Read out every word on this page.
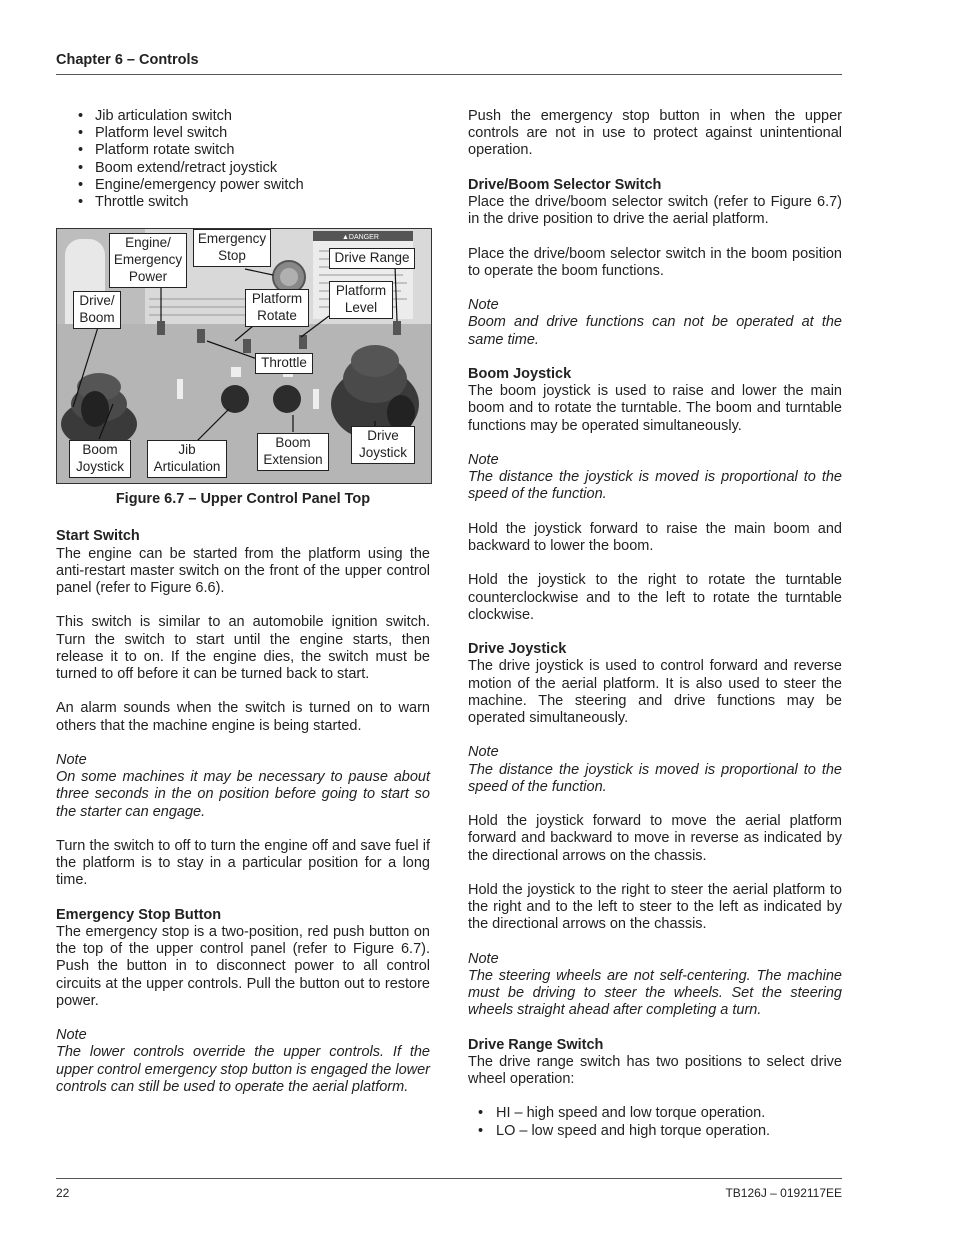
Chapter 6 – Controls
• Jib articulation switch
• Platform level switch
• Platform rotate switch
• Boom extend/retract joystick
• Engine/emergency power switch
• Throttle switch
▲DANGER
Engine/ Emergency Power
Emergency Stop	Drive Range
Drive/ Boom
Platform Rotate
Platform Level
Throttle
Boom Joystick
Jib Articulation
Boom Extension
Drive Joystick
Figure 6.7 – Upper Control Panel Top
Start Switch

The engine can be started from the platform using the anti-restart master switch on the front of the upper control panel (refer to Figure 6.6).

This switch is similar to an automobile ignition switch. Turn the switch to start until the engine starts, then release it to on. If the engine dies, the switch must be turned to off before it can be turned back to start.

An alarm sounds when the switch is turned on to warn others that the machine engine is being started.

Note

On some machines it may be necessary to pause about three seconds in the on position before going to start so the starter can engage.

Turn the switch to off to turn the engine off and save fuel if the platform is to stay in a particular position for a long time.

Emergency Stop Button

The emergency stop is a two-position, red push button on the top of the upper control panel (refer to Figure 6.7). Push the button in to disconnect power to all control circuits at the upper controls. Pull the button out to restore power.

Note

The lower controls override the upper controls. If the upper control emergency stop button is engaged the lower controls can still be used to operate the aerial platform.

Push the emergency stop button in when the upper controls are not in use to protect against unintentional operation.

Drive/Boom Selector Switch

Place the drive/boom selector switch (refer to Figure 6.7) in the drive position to drive the aerial platform.

Place the drive/boom selector switch in the boom position to operate the boom functions.

Note

Boom and drive functions can not be operated at the same time.

Boom Joystick

The boom joystick is used to raise and lower the main boom and to rotate the turntable. The boom and turntable functions may be operated simultaneously.

Note

The distance the joystick is moved is proportional to the speed of the function.

Hold the joystick forward to raise the main boom and backward to lower the boom.

Hold the joystick to the right to rotate the turntable counterclockwise and to the left to rotate the turntable clockwise.

Drive Joystick

The drive joystick is used to control forward and reverse motion of the aerial platform. It is also used to steer the machine. The steering and drive functions may be operated simultaneously.

Note

The distance the joystick is moved is proportional to the speed of the function.

Hold the joystick forward to move the aerial platform forward and backward to move in reverse as indicated by the directional arrows on the chassis.

Hold the joystick to the right to steer the aerial platform to the right and to the left to steer to the left as indicated by the directional arrows on the chassis.

Note

The steering wheels are not self-centering. The machine must be driving to steer the wheels. Set the steering wheels straight ahead after completing a turn.

Drive Range Switch

The drive range switch has two positions to select drive wheel operation:

• HI – high speed and low torque operation.
• LO – low speed and high torque operation.
22	TB126J – 0192117EE
